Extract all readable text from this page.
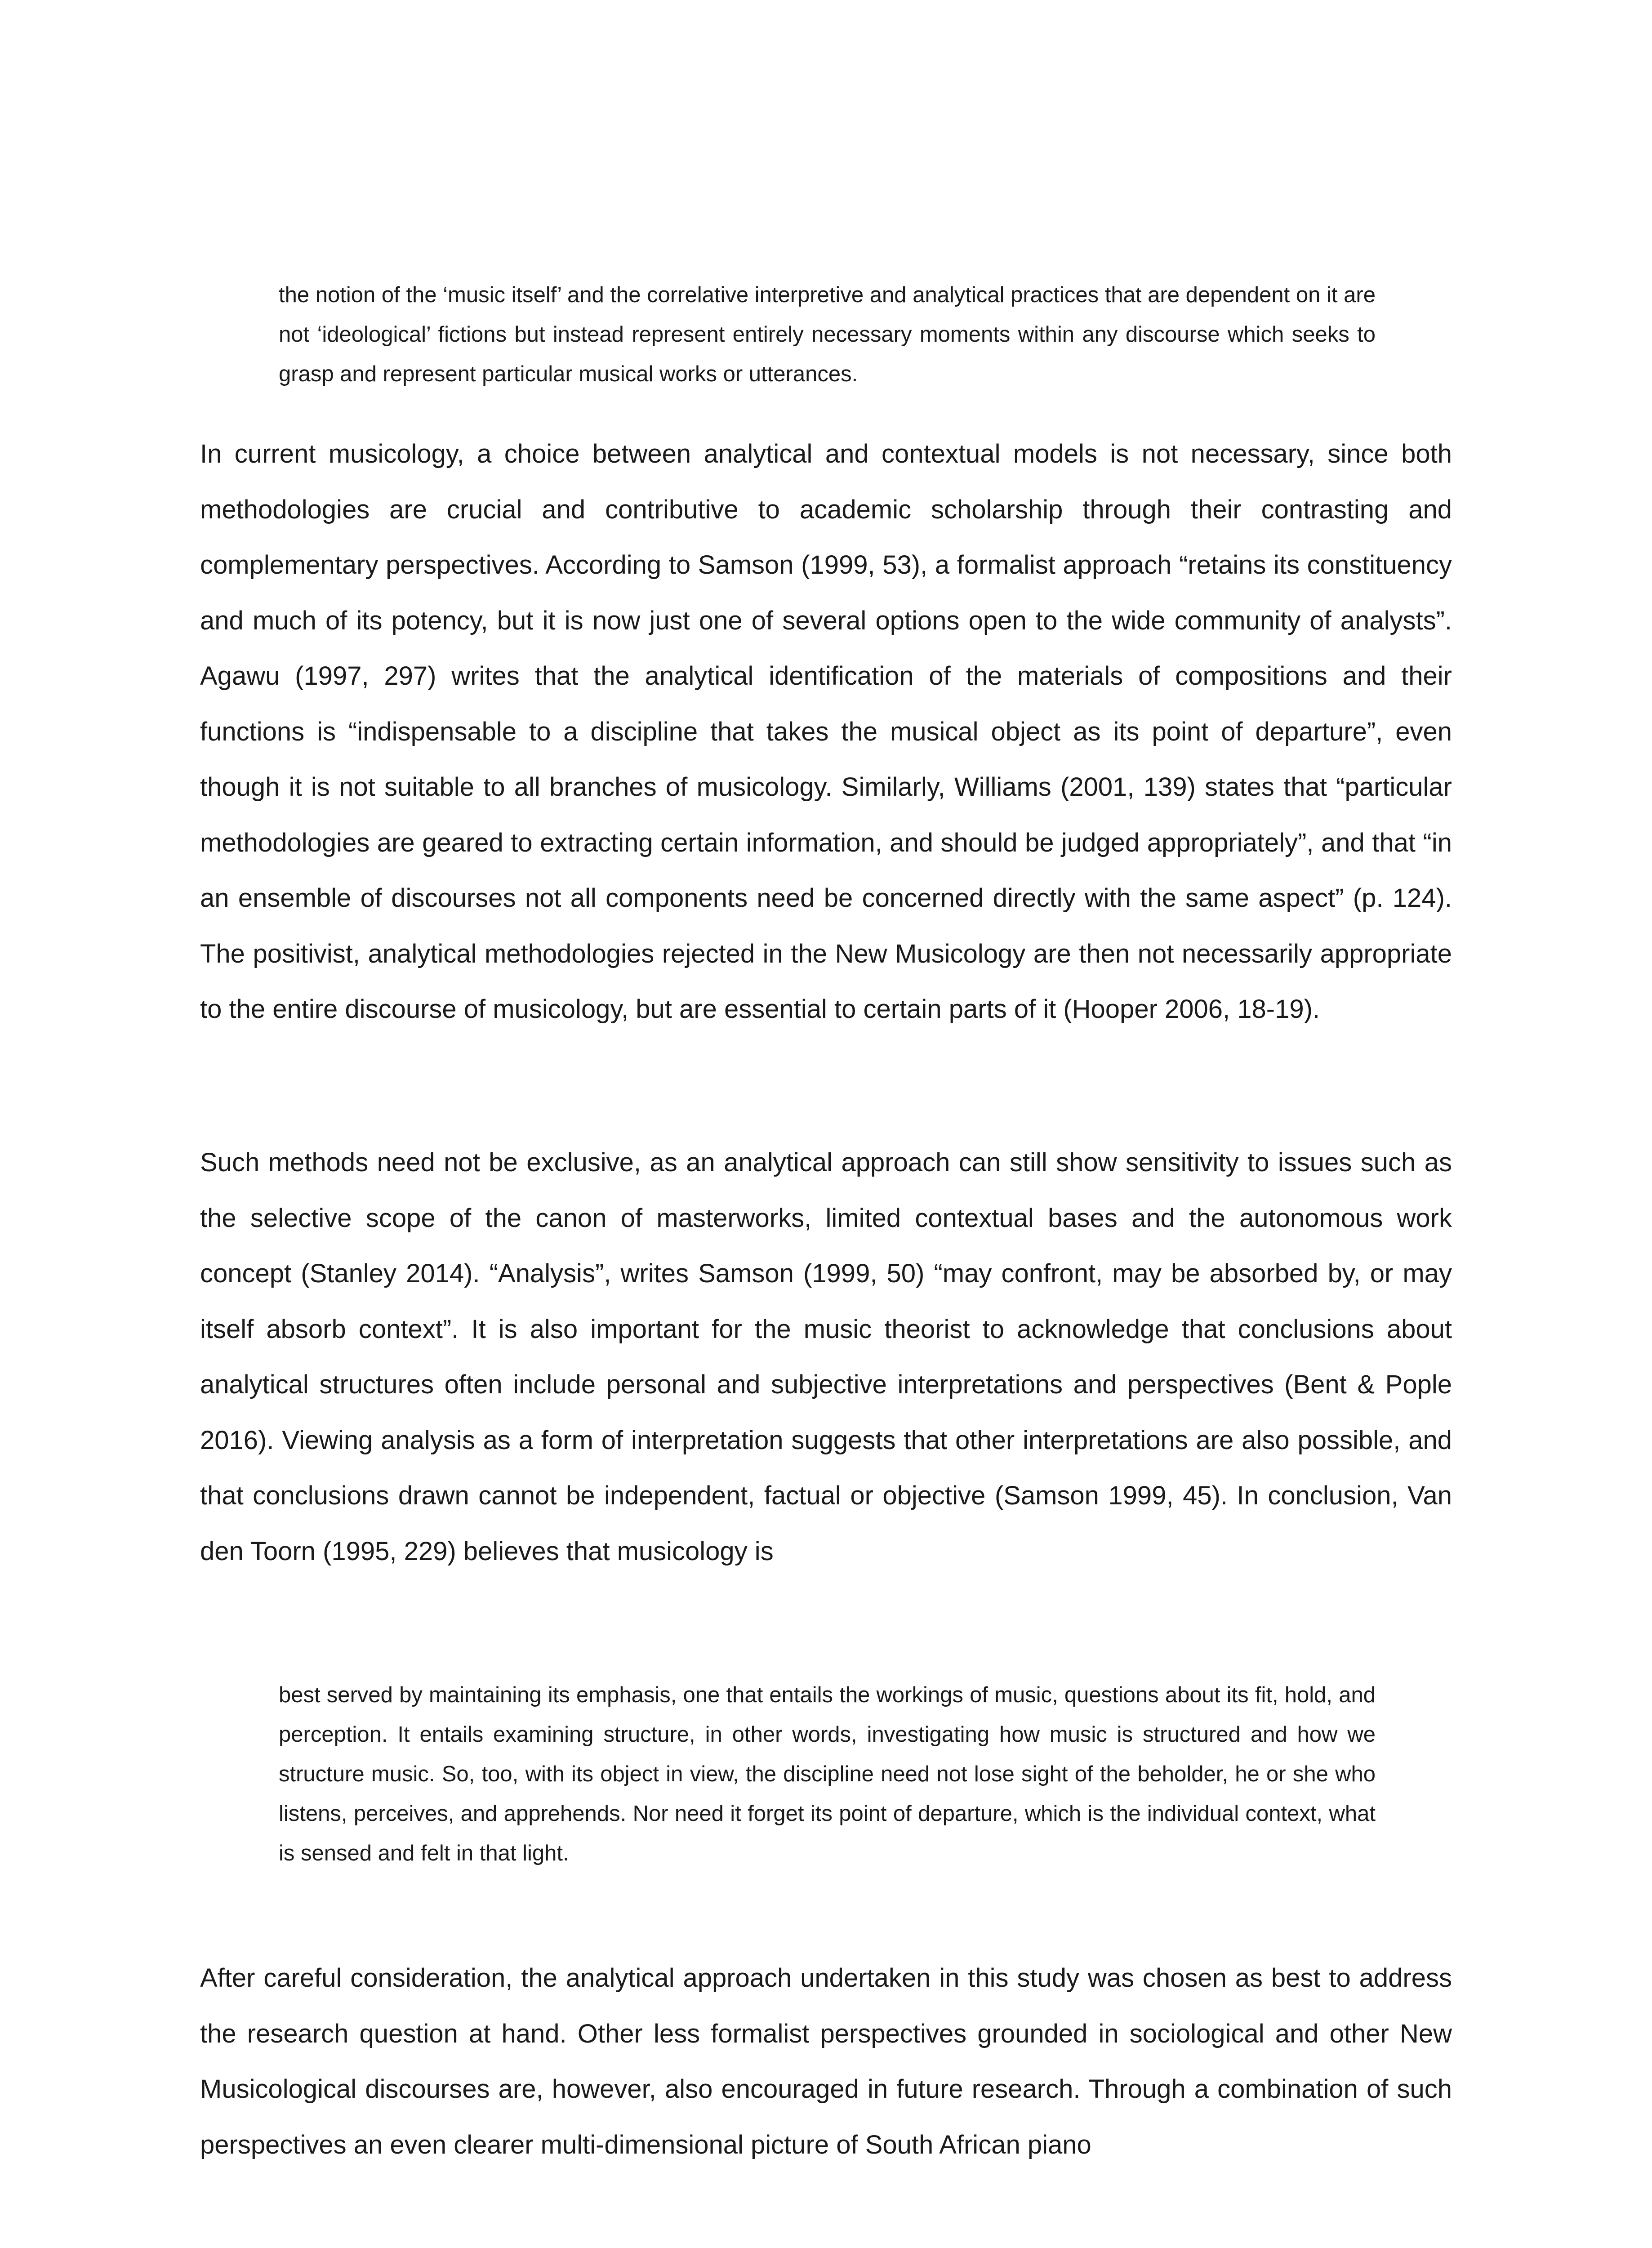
the notion of the ‘music itself’ and the correlative interpretive and analytical practices that are dependent on it are not ‘ideological’ fictions but instead represent entirely necessary moments within any discourse which seeks to grasp and represent particular musical works or utterances.

In current musicology, a choice between analytical and contextual models is not necessary, since both methodologies are crucial and contributive to academic scholarship through their contrasting and complementary perspectives. According to Samson (1999, 53), a formalist approach “retains its constituency and much of its potency, but it is now just one of several options open to the wide community of analysts”. Agawu (1997, 297) writes that the analytical identification of the materials of compositions and their functions is “indispensable to a discipline that takes the musical object as its point of departure”, even though it is not suitable to all branches of musicology. Similarly, Williams (2001, 139) states that “particular methodologies are geared to extracting certain information, and should be judged appropriately”, and that “in an ensemble of discourses not all components need be concerned directly with the same aspect” (p. 124). The positivist, analytical methodologies rejected in the New Musicology are then not necessarily appropriate to the entire discourse of musicology, but are essential to certain parts of it (Hooper 2006, 18-19).

Such methods need not be exclusive, as an analytical approach can still show sensitivity to issues such as the selective scope of the canon of masterworks, limited contextual bases and the autonomous work concept (Stanley 2014). “Analysis”, writes Samson (1999, 50) “may confront, may be absorbed by, or may itself absorb context”. It is also important for the music theorist to acknowledge that conclusions about analytical structures often include personal and subjective interpretations and perspectives (Bent & Pople 2016). Viewing analysis as a form of interpretation suggests that other interpretations are also possible, and that conclusions drawn cannot be independent, factual or objective (Samson 1999, 45). In conclusion, Van den Toorn (1995, 229) believes that musicology is

best served by maintaining its emphasis, one that entails the workings of music, questions about its fit, hold, and perception. It entails examining structure, in other words, investigating how music is structured and how we structure music. So, too, with its object in view, the discipline need not lose sight of the beholder, he or she who listens, perceives, and apprehends. Nor need it forget its point of departure, which is the individual context, what is sensed and felt in that light.

After careful consideration, the analytical approach undertaken in this study was chosen as best to address the research question at hand. Other less formalist perspectives grounded in sociological and other New Musicological discourses are, however, also encouraged in future research. Through a combination of such perspectives an even clearer multi-dimensional picture of South African piano
